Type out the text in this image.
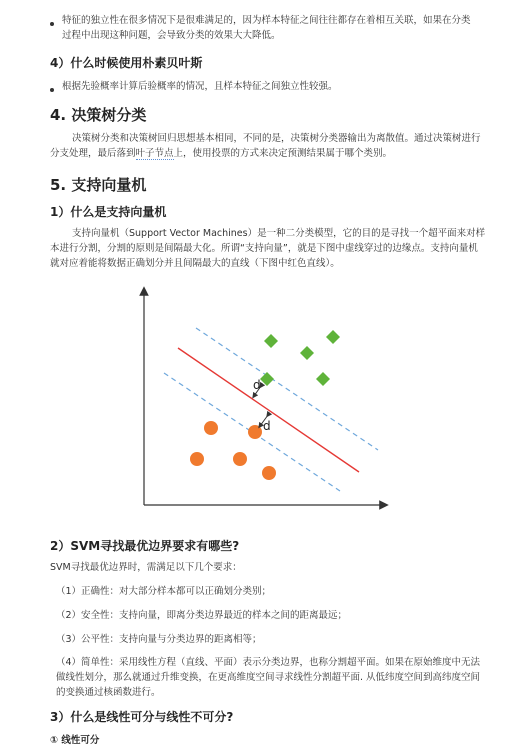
特征的独立性在很多情况下是很难满足的，因为样本特征之间往往都存在着相互关联，如果在分类
过程中出现这种问题，会导致分类的效果大大降低。
4）什么时候使用朴素贝叶斯
根据先验概率计算后验概率的情况，且样本特征之间独立性较强。
4. 决策树分类
决策树分类和决策树回归思想基本相同，不同的是，决策树分类器输出为离散值。通过决策树进行
分支处理，最后落到叶子节点上，使用投票的方式来决定预测结果属于哪个类别。
5. 支持向量机
1）什么是支持向量机
支持向量机（Support Vector Machines）是一种二分类模型，它的目的是寻找一个超平面来对样
本进行分割，分割的原则是间隔最大化。所谓“支持向量”，就是下图中虚线穿过的边缘点。支持向量机
就对应着能将数据正确划分并且间隔最大的直线（下图中红色直线）。
d
d
2）SVM寻找最优边界要求有哪些?
SVM寻找最优边界时，需满足以下几个要求：
（1）正确性：对大部分样本都可以正确划分类别；
（2）安全性：支持向量，即离分类边界最近的样本之间的距离最远；
（3）公平性：支持向量与分类边界的距离相等；
（4）简单性：采用线性方程（直线、平面）表示分类边界，也称分割超平面。如果在原始维度中无法
做线性划分，那么就通过升维变换，在更高维度空间寻求线性分割超平面. 从低纬度空间到高纬度空间
的变换通过核函数进行。
3）什么是线性可分与线性不可分?
① 线性可分
